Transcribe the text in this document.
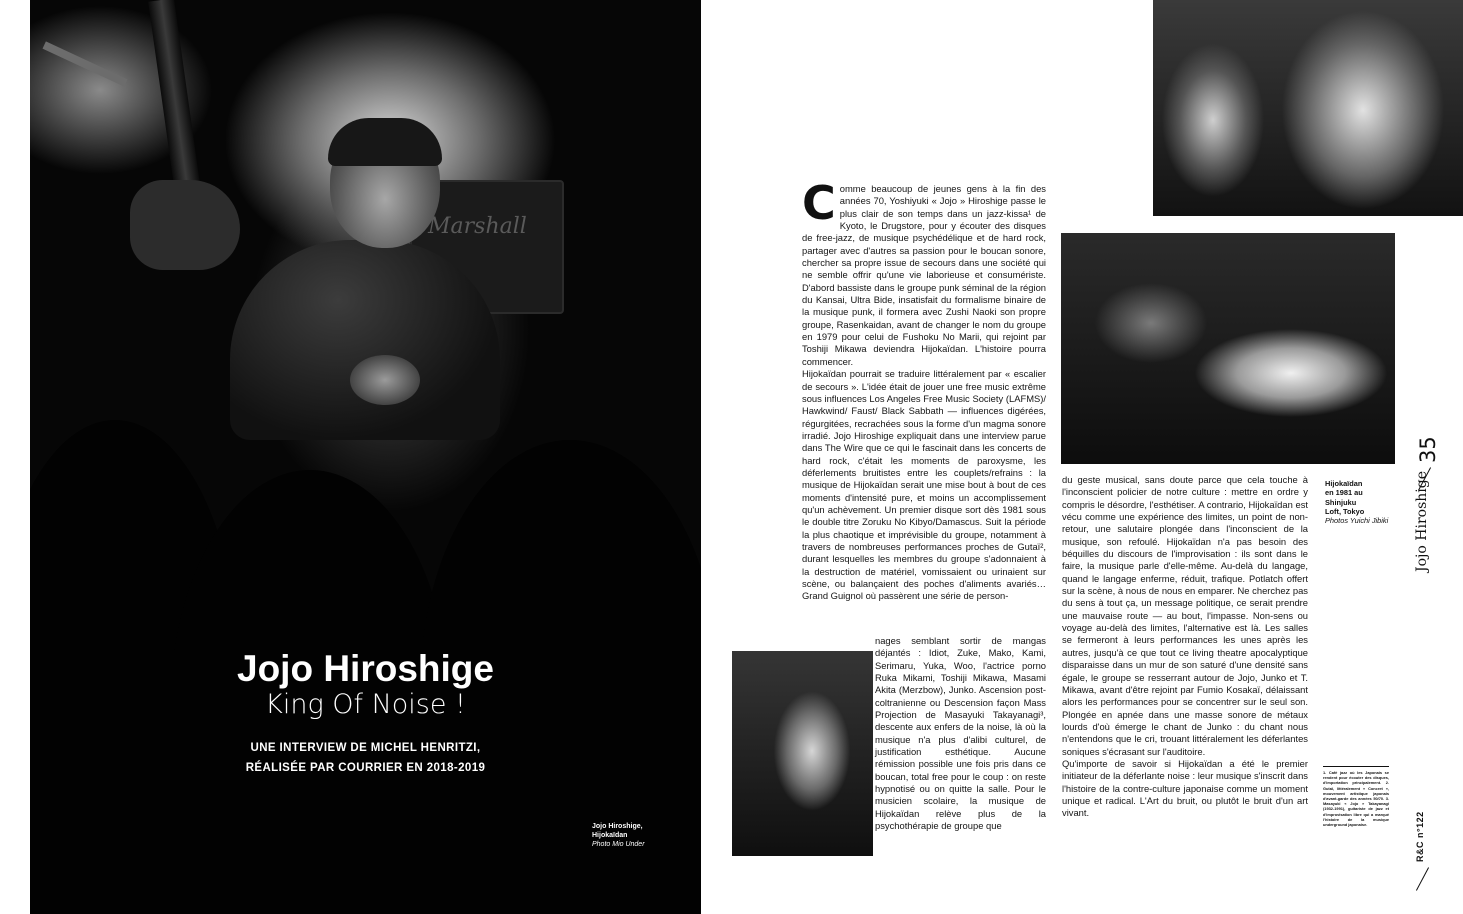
Marshall
Jojo Hiroshige
King Of Noise !
UNE INTERVIEW DE MICHEL HENRITZI,
RÉALISÉE PAR COURRIER EN 2018-2019
Jojo Hiroshige,
Hijokaïdan
Photo Mio Under
C omme beaucoup de jeunes gens à la fin des années 70, Yoshiyuki « Jojo » Hiroshige passe le plus clair de son temps dans un jazz-kissa¹ de Kyoto, le Drugstore, pour y écouter des disques de free-jazz, de musique psychédélique et de hard rock, partager avec d'autres sa passion pour le boucan sonore, chercher sa propre issue de secours dans une société qui ne semble offrir qu'une vie laborieuse et consumériste. D'abord bassiste dans le groupe punk séminal de la région du Kansai, Ultra Bide, insatisfait du formalisme binaire de la musique punk, il formera avec Zushi Naoki son propre groupe, Rasenkaidan, avant de changer le nom du groupe en 1979 pour celui de Fushoku No Marii, qui rejoint par Toshiji Mikawa deviendra Hijokaïdan. L'histoire pourra commencer.

Hijokaïdan pourrait se traduire littéralement par « escalier de secours ». L'idée était de jouer une free music extrême sous influences Los Angeles Free Music Society (LAFMS)/ Hawkwind/ Faust/ Black Sabbath — influences digérées, régurgitées, recrachées sous la forme d'un magma sonore irradié. Jojo Hiroshige expliquait dans une interview parue dans The Wire que ce qui le fascinait dans les concerts de hard rock, c'était les moments de paroxysme, les déferlements bruitistes entre les couplets/refrains : la musique de Hijokaïdan serait une mise bout à bout de ces moments d'intensité pure, et moins un accomplissement qu'un achèvement. Un premier disque sort dès 1981 sous le double titre Zoruku No Kibyo/Damascus. Suit la période la plus chaotique et imprévisible du groupe, notamment à travers de nombreuses performances proches de Gutaï², durant lesquelles les membres du groupe s'adonnaient à la destruction de matériel, vomissaient ou urinaient sur scène, ou balançaient des poches d'aliments avariés… Grand Guignol où passèrent une série de person-

nages semblant sortir de mangas déjantés : Idiot, Zuke, Mako, Kami, Serimaru, Yuka, Woo, l'actrice porno Ruka Mikami, Toshiji Mikawa, Masami Akita (Merzbow), Junko. Ascension post-coltranienne ou Descension façon Mass Projection de Masayuki Takayanagi³, descente aux enfers de la noise, là où la musique n'a plus d'alibi culturel, de justification esthétique. Aucune rémission possible une fois pris dans ce boucan, total free pour le coup : on reste hypnotisé ou on quitte la salle. Pour le musicien scolaire, la musique de Hijokaïdan relève plus de la psychothérapie de groupe que

du geste musical, sans doute parce que cela touche à l'inconscient policier de notre culture : mettre en ordre y compris le désordre, l'esthétiser. A contrario, Hijokaïdan est vécu comme une expérience des limites, un point de non-retour, une salutaire plongée dans l'inconscient de la musique, son refoulé. Hijokaïdan n'a pas besoin des béquilles du discours de l'improvisation : ils sont dans le faire, la musique parle d'elle-même. Au-delà du langage, quand le langage enferme, réduit, trafique. Potlatch offert sur la scène, à nous de nous en emparer. Ne cherchez pas du sens à tout ça, un message politique, ce serait prendre une mauvaise route — au bout, l'impasse. Non-sens ou voyage au-delà des limites, l'alternative est là. Les salles se fermeront à leurs performances les unes après les autres, jusqu'à ce que tout ce living theatre apocalyptique disparaisse dans un mur de son saturé d'une densité sans égale, le groupe se resserrant autour de Jojo, Junko et T. Mikawa, avant d'être rejoint par Fumio Kosakaï, délaissant alors les performances pour se concentrer sur le seul son. Plongée en apnée dans une masse sonore de métaux lourds d'où émerge le chant de Junko : du chant nous n'entendons que le cri, trouant littéralement les déferlantes soniques s'écrasant sur l'auditoire.

Qu'importe de savoir si Hijokaïdan a été le premier initiateur de la déferlante noise : leur musique s'inscrit dans l'histoire de la contre-culture japonaise comme un moment unique et radical. L'Art du bruit, ou plutôt le bruit d'un art vivant.

Hijokaïdan
en 1981 au Shinjuku
Loft, Tokyo
Photos Yuichi Jibiki
1. Café jazz où les Japonais se rendent pour écouter des disques, d'importation principalement. 2. Gutaï, littéralement « Concret », mouvement artistique japonais d'avant-garde des années 50/70. 3. Masayuki « Jojo » Takayanagi (1932-1991), guitariste de jazz et d'improvisation libre qui a marqué l'histoire de la musique underground japonaise.
35
Jojo Hiroshige
R&C n°122
